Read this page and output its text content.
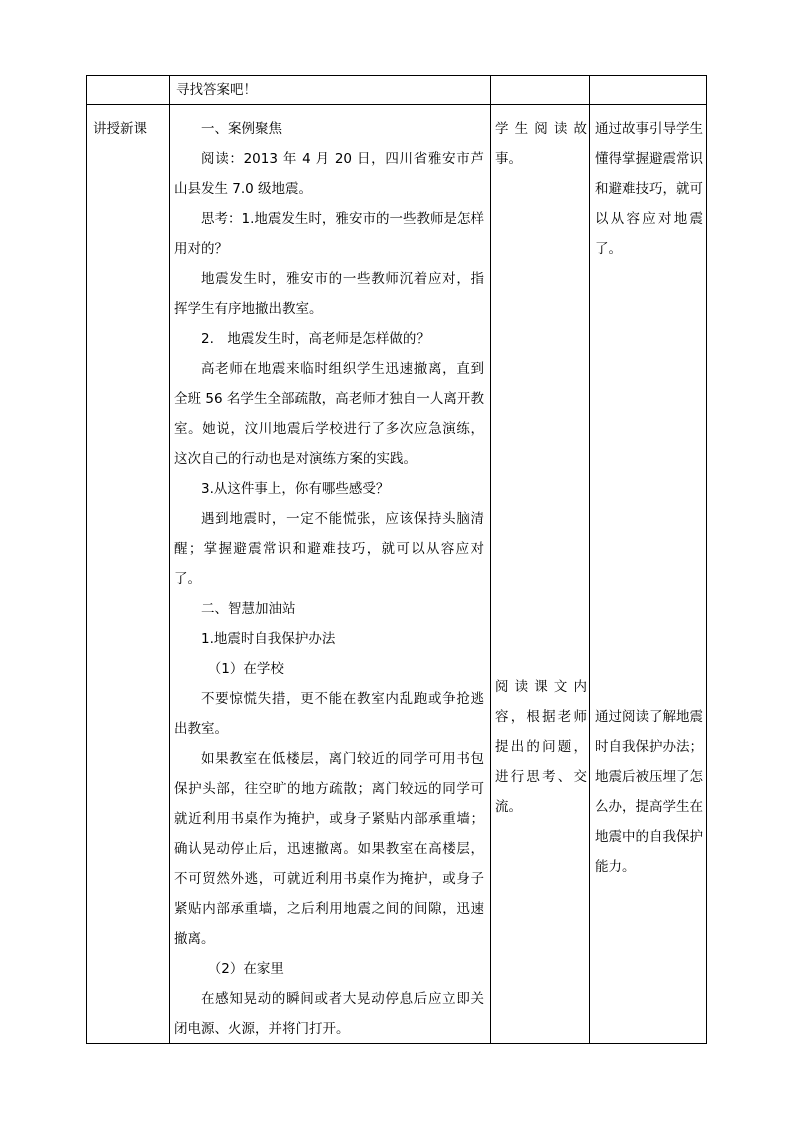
寻找答案吧！
讲授新课	一、案例聚焦

阅读：2013 年 4 月 20 日，四川省雅安市芦山县发生 7.0 级地震。

思考：1.地震发生时，雅安市的一些教师是怎样用对的？

地震发生时，雅安市的一些教师沉着应对，指挥学生有序地撤出教室。

2.　地震发生时，高老师是怎样做的？

高老师在地震来临时组织学生迅速撤离，直到全班 56 名学生全部疏散，高老师才独自一人离开教室。她说，汶川地震后学校进行了多次应急演练，这次自己的行动也是对演练方案的实践。

3.从这件事上，你有哪些感受？

遇到地震时，一定不能慌张，应该保持头脑清醒；掌握避震常识和避难技巧，就可以从容应对了。

二、智慧加油站

1.地震时自我保护办法

（1）在学校

不要惊慌失措，更不能在教室内乱跑或争抢逃出教室。

如果教室在低楼层，离门较近的同学可用书包保护头部，往空旷的地方疏散；离门较远的同学可就近利用书桌作为掩护，或身子紧贴内部承重墙；确认晃动停止后，迅速撤离。如果教室在高楼层，不可贸然外逃，可就近利用书桌作为掩护，或身子紧贴内部承重墙，之后利用地震之间的间隙，迅速撤离。

（2）在家里

在感知晃动的瞬间或者大晃动停息后应立即关闭电源、火源，并将门打开。

学生阅读故事。

阅读课文内容，根据老师提出的问题，进行思考、交流。

通过故事引导学生懂得掌握避震常识和避难技巧，就可以从容应对地震了。

通过阅读了解地震时自我保护办法；地震后被压埋了怎么办，提高学生在地震中的自我保护能力。
